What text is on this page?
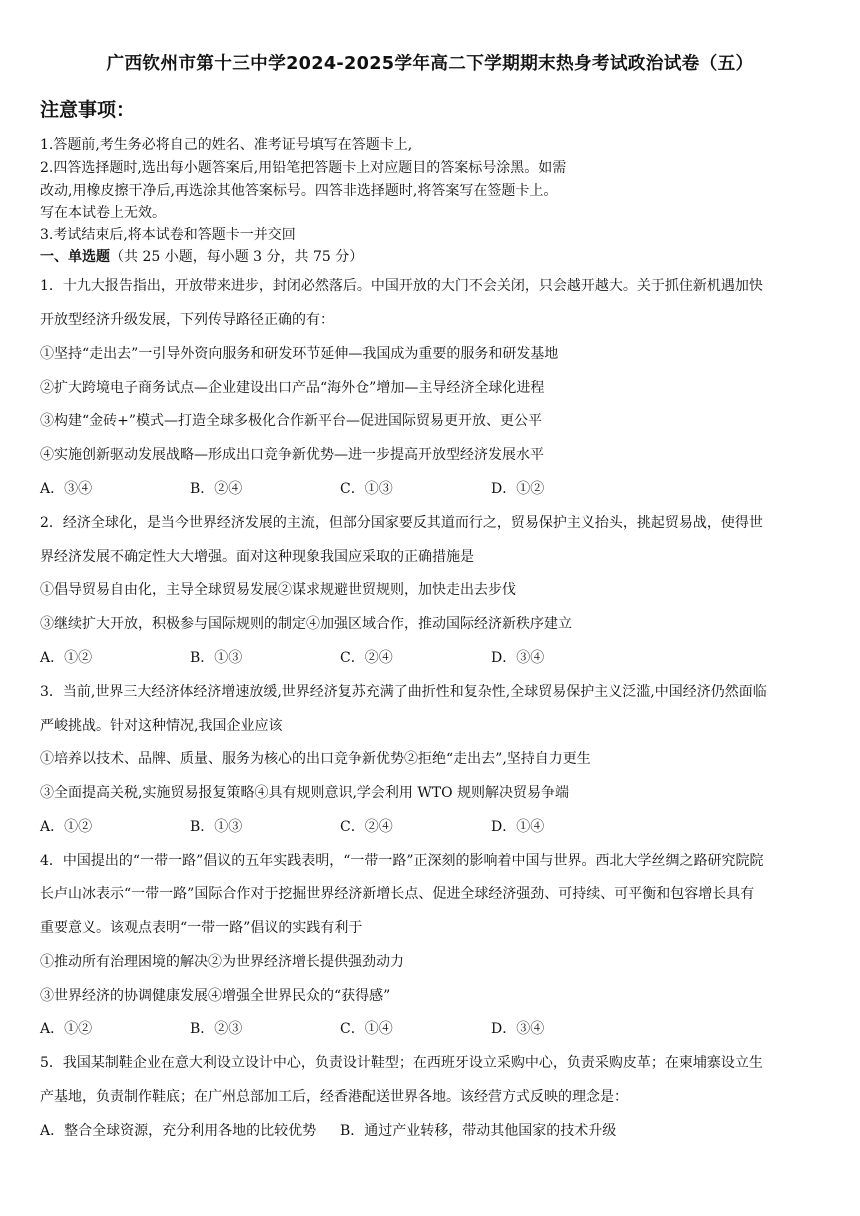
广西钦州市第十三中学2024-2025学年高二下学期期末热身考试政治试卷（五）
注意事项：
1.答题前,考生务必将自己的姓名、准考证号填写在答题卡上,
2.四答选择题时,选出每小题答案后,用铅笔把答题卡上对应题目的答案标号涂黑。如需
改动,用橡皮擦干净后,再选涂其他答案标号。四答非选择题时,将答案写在签题卡上。
写在本试卷上无效。
3.考试结束后,将本试卷和答题卡一并交回
一、单选题（共 25 小题，每小题 3 分，共 75 分）
1．十九大报告指出，开放带来进步，封闭必然落后。中国开放的大门不会关闭，只会越开越大。关于抓住新机遇加快
开放型经济升级发展，下列传导路径正确的有：
①坚持“走出去”一引导外资向服务和研发环节延伸—我国成为重要的服务和研发基地
②扩大跨境电子商务试点—企业建设出口产品“海外仓”增加—主导经济全球化进程
③构建“金砖+”模式—打造全球多极化合作新平台—促进国际贸易更开放、更公平
④实施创新驱动发展战略—形成出口竞争新优势—进一步提高开放型经济发展水平
A．③④	B．②④	C．①③	D．①②
2．经济全球化，是当今世界经济发展的主流，但部分国家要反其道而行之，贸易保护主义抬头，挑起贸易战，使得世
界经济发展不确定性大大增强。面对这种现象我国应采取的正确措施是
①倡导贸易自由化，主导全球贸易发展②谋求规避世贸规则，加快走出去步伐
③继续扩大开放，积极参与国际规则的制定④加强区域合作，推动国际经济新秩序建立
A．①②	B．①③	C．②④	D．③④
3．当前,世界三大经济体经济增速放缓,世界经济复苏充满了曲折性和复杂性,全球贸易保护主义泛滥,中国经济仍然面临
严峻挑战。针对这种情况,我国企业应该
①培养以技术、品牌、质量、服务为核心的出口竞争新优势②拒绝“走出去”,坚持自力更生
③全面提高关税,实施贸易报复策略④具有规则意识,学会利用 WTO 规则解决贸易争端
A．①②	B．①③	C．②④	D．①④
4．中国提出的“一带一路”倡议的五年实践表明，“一带一路”正深刻的影响着中国与世界。西北大学丝绸之路研究院院
长卢山冰表示“一带一路”国际合作对于挖掘世界经济新增长点、促进全球经济强劲、可持续、可平衡和包容增长具有
重要意义。该观点表明“一带一路”倡议的实践有利于
①推动所有治理困境的解决②为世界经济增长提供强劲动力
③世界经济的协调健康发展④增强全世界民众的“获得感”
A．①②	B．②③	C．①④	D．③④
5．我国某制鞋企业在意大利设立设计中心，负责设计鞋型；在西班牙设立采购中心，负责采购皮革；在柬埔寨设立生
产基地，负责制作鞋底；在广州总部加工后，经香港配送世界各地。该经营方式反映的理念是：
A．整合全球资源，充分利用各地的比较优势 B．通过产业转移，带动其他国家的技术升级
